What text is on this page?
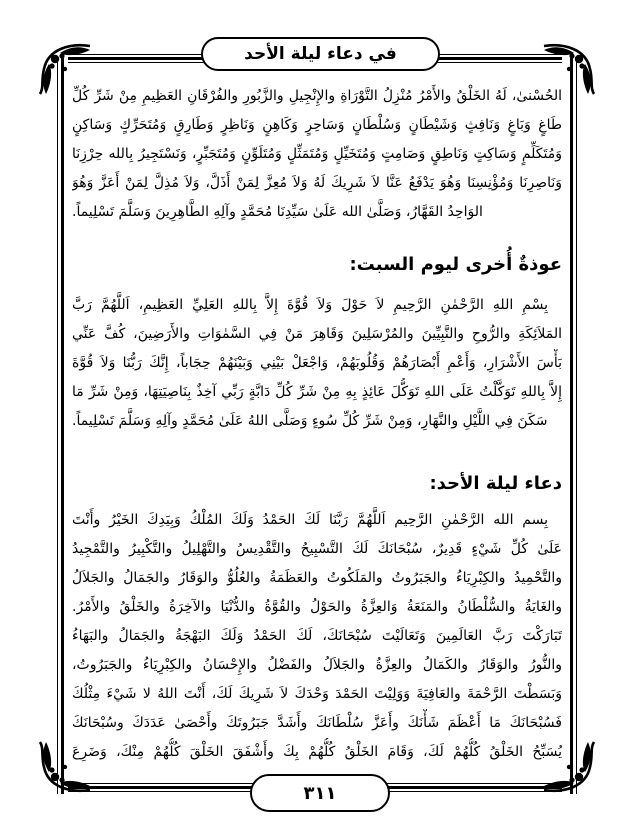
في دعاء ليلة الأحد
الحُسْنىٰ، لَهُ الخَلْقُ والأَمْرُ مُنْزِلُ التَّوْرَاةِ والإِنْجِيلِ والزَّبُورِ والفُرْقَانِ العَظِيمِ مِنْ شَرِّ كُلِّ
طَاغٍ وَبَاغٍ وَنَافِثٍ وَشَيْطَانٍ وَسُلْطَانٍ وَسَاحِرٍ وَكَاهِنٍ وَنَاظِرٍ وَطَارِقٍ وَمُتَحَرِّكٍ وَسَاكِنٍ
وَمُتَكَلِّمٍ وَسَاكِتٍ وَنَاطِقٍ وَصَامِتٍ وَمُتَخَيِّلٍ وَمُتَمَثِّلٍ وَمُتَلَوِّنٍ وَمُتَجَبِّرٍ، وَنَسْتَجِيرُ بِالله حِرْزِنَا
وَنَاصِرِنَا وَمُؤْنِسِنَا وَهُوَ يَدْفَعُ عَنَّا لاَ شَرِيكَ لَهُ وَلاَ مُعِزَّ لِمَنْ أَذَلَّ، وَلاَ مُذِلَّ لِمَنْ أَعَزَّ وَهُوَ
الوَاحِدُ القَهَّارُ، وَصَلَّىٰ الله عَلَىٰ سَيِّدِنَا مُحَمَّدٍ وآلِهِ الطَّاهِرِينَ وَسَلَّمَ تَسْلِيماً.
عوذةٌ أُخرى ليوم السبت:
بِسْمِ اللهِ الرَّحْمٰنِ الرَّحِيمِ لاَ حَوْلَ وَلاَ قُوَّةَ إِلاَّ بِاللهِ العَلِيِّ العَظِيمِ، اَللَّهُمَّ رَبَّ
المَلاَئِكَةِ والرُّوحِ والنَّبِيِّينَ والمُرْسَلِينَ وَقَاهِرَ مَنْ فِي السَّمٰوَاتِ والأَرَضِينَ، كُفَّ عَنِّي
بَأْسَ الأَشْرَارِ، وَأَعْمِ أَبْصَارَهُمْ وَقُلُوبَهُمْ، وَاجْعَلْ بَيْنِي وَبَيْنَهُمْ حِجَاباً، إِنَّكَ رَبُّنَا وَلاَ قُوَّةَ
إِلاَّ بِاللهِ تَوَكَّلْتُ عَلَى اللهِ تَوَكُّلَ عَائِذٍ بِهِ مِنْ شَرِّ كُلِّ دَابَّةٍ رَبِّي آخِذٌ بِنَاصِيَتِهَا، وَمِنْ شَرِّ مَا
سَكَنَ فِي اللَّيْلِ والنَّهَارِ، وَمِنْ شَرِّ كُلِّ سُوءٍ وَصَلَّى اللهُ عَلَىٰ مُحَمَّدٍ وآلِهِ وَسَلَّمَ تَسْلِيماً.
دعاء ليلة الأحد:
بِسم الله الرَّحْمٰنِ الرَّحِيم اَللَّهُمَّ رَبَّنَا لَكَ الحَمْدُ وَلَكَ المُلْكُ وَبِيَدِكَ الخَيْرُ وأَنْتَ
عَلَىٰ كُلِّ شَيْءٍ قَدِيرٌ، سُبْحَانَكَ لَكَ التَّسْبِيحُ والتَّقْدِيسُ والتَّهْلِيلُ والتَّكْبِيرُ والتَّمْجِيدُ
والتَّحْمِيدُ والكِبْرِيَاءُ والجَبَرُوتُ والمَلَكُوتُ والعَظَمَةُ والعُلُوُّ والوَقَارُ والجَمَالُ والجَلاَلُ
والغَايَةُ والسُّلْطَانُ والمَنَعَةُ وَالعِزَّةُ والحَوْلُ والقُوَّةُ والدُّنْيَا والآخِرَةُ والخَلْقُ والأَمْرُ.
تَبَارَكْتَ رَبَّ العَالَمِينَ وَتَعَالَيْتَ سُبْحَانَكَ، لَكَ الحَمْدُ وَلَكَ البَهْجَةُ والجَمَالُ والبَهَاءُ
والنُّورُ والوَقَارُ والكَمَالُ والعِزَّةُ والجَلاَلُ والفَضْلُ والإِحْسَانُ والكِبْرِيَاءُ والجَبَرُوتُ،
وَبَسَطْتَ الرَّحْمَةَ والعَافِيَةَ وَوَلِيْتَ الحَمْدَ وَحْدَكَ لاَ شَرِيكَ لَكَ، أَنْتَ اللهُ لا شَيْءَ مِثْلُكَ
فَسُبْحَانَكَ مَا أَعْظَمَ شَأْنَكَ وأَعَزَّ سُلْطَانَكَ وأَشَدَّ جَبَرُوتَكَ وأَحْصَىٰ عَدَدَكَ وسُبْحَانَكَ
يُسَبِّحُ الخَلْقُ كُلُّهُمْ لَكَ، وَقَامَ الخَلْقُ كُلُّهُمْ بِكَ وأَشْفَقَ الخَلْقَ كُلُّهُمْ مِنْكَ، وَضَرِعَ
٣١١
